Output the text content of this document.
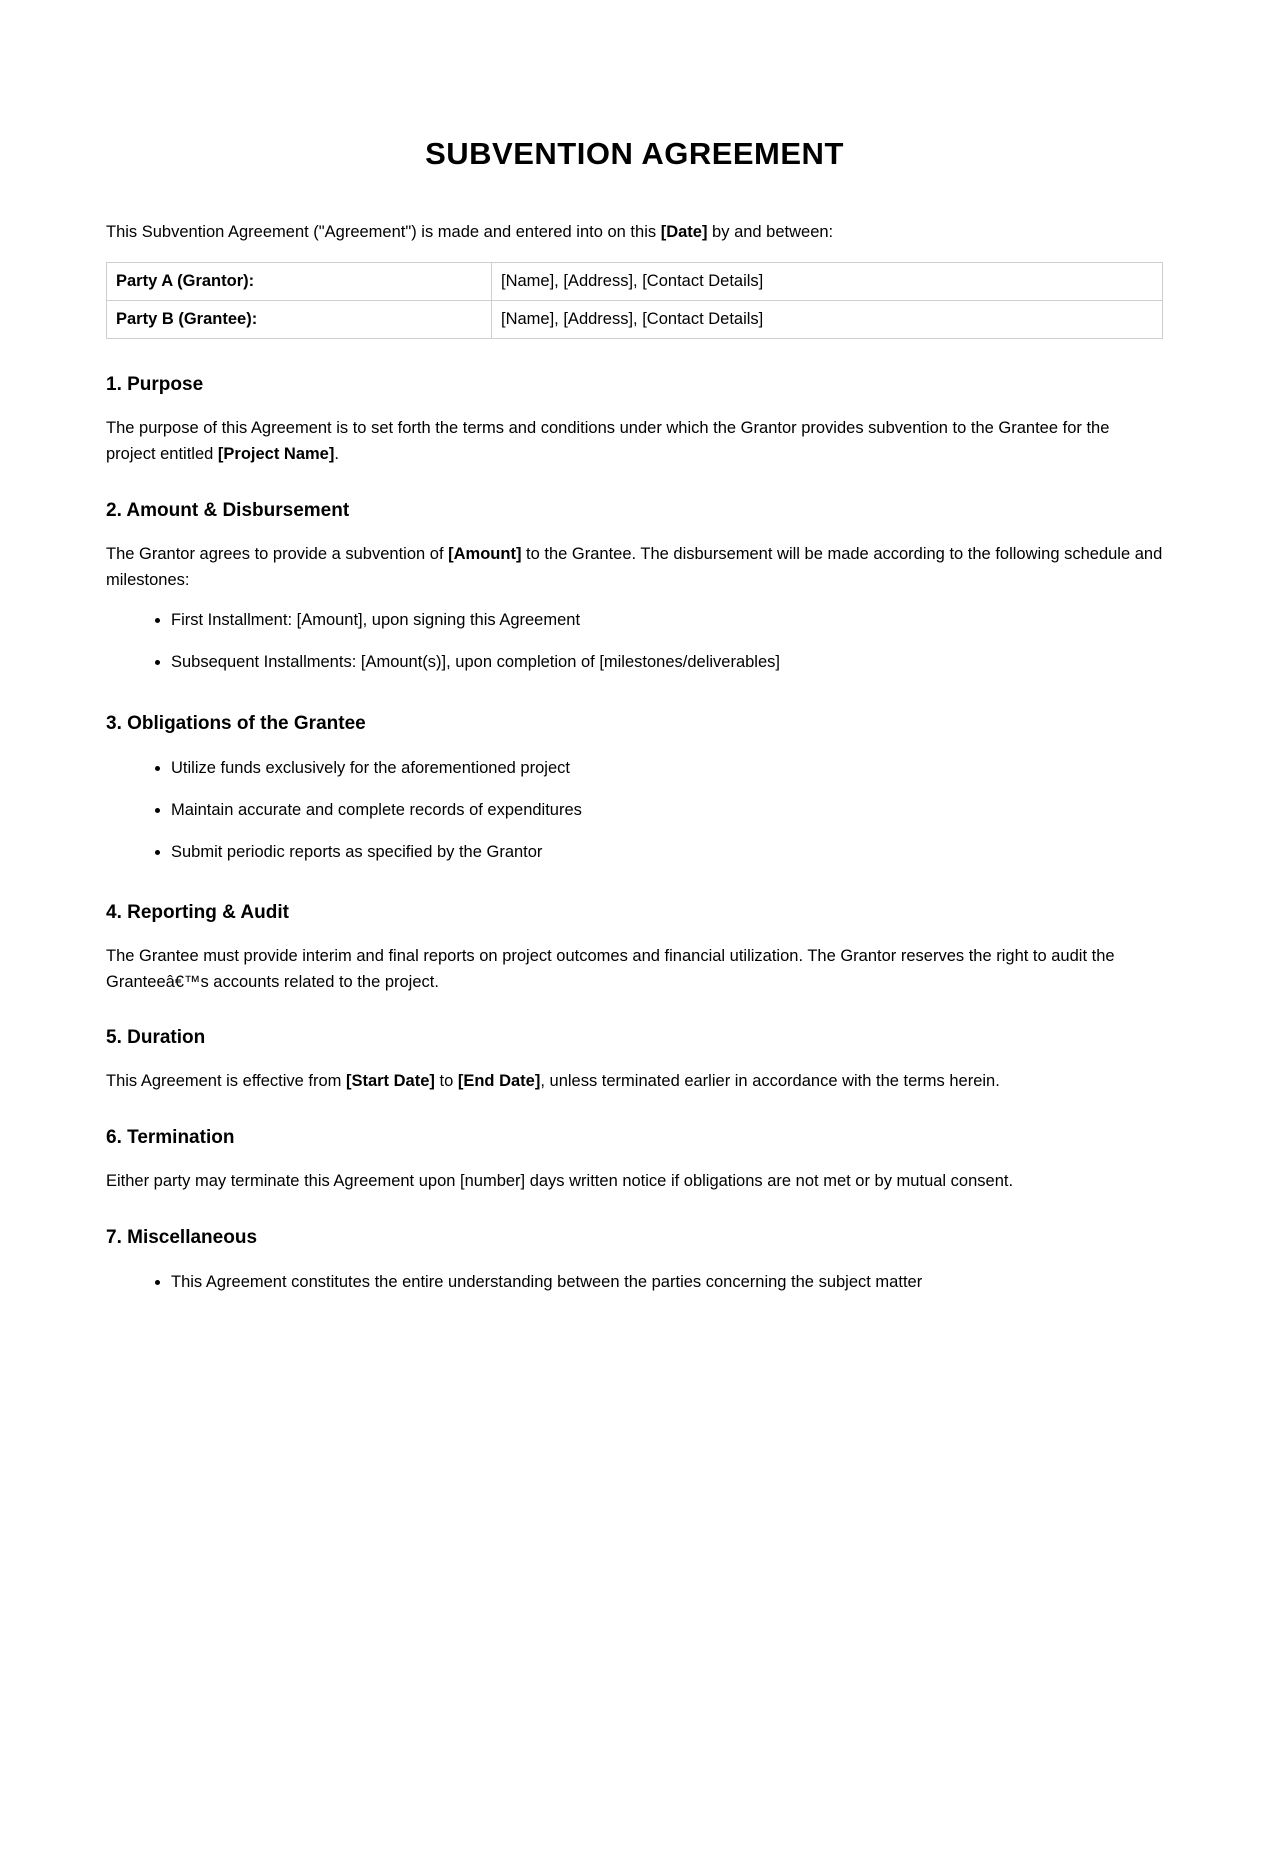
SUBVENTION AGREEMENT

This Subvention Agreement ("Agreement") is made and entered into on this [Date] by and between:

Party A (Grantor):	[Name], [Address], [Contact Details]
Party B (Grantee):	[Name], [Address], [Contact Details]
1. Purpose

The purpose of this Agreement is to set forth the terms and conditions under which the Grantor provides subvention to the Grantee for the project entitled [Project Name].

2. Amount & Disbursement

The Grantor agrees to provide a subvention of [Amount] to the Grantee. The disbursement will be made according to the following schedule and milestones:

• First Installment: [Amount], upon signing this Agreement
• Subsequent Installments: [Amount(s)], upon completion of [milestones/deliverables]
3. Obligations of the Grantee
• Utilize funds exclusively for the aforementioned project
• Maintain accurate and complete records of expenditures
• Submit periodic reports as specified by the Grantor
4. Reporting & Audit

The Grantee must provide interim and final reports on project outcomes and financial utilization. The Grantor reserves the right to audit the Granteeâ€™s accounts related to the project.

5. Duration

This Agreement is effective from [Start Date] to [End Date], unless terminated earlier in accordance with the terms herein.

6. Termination

Either party may terminate this Agreement upon [number] days written notice if obligations are not met or by mutual consent.

7. Miscellaneous
• This Agreement constitutes the entire understanding between the parties concerning the subject matter
